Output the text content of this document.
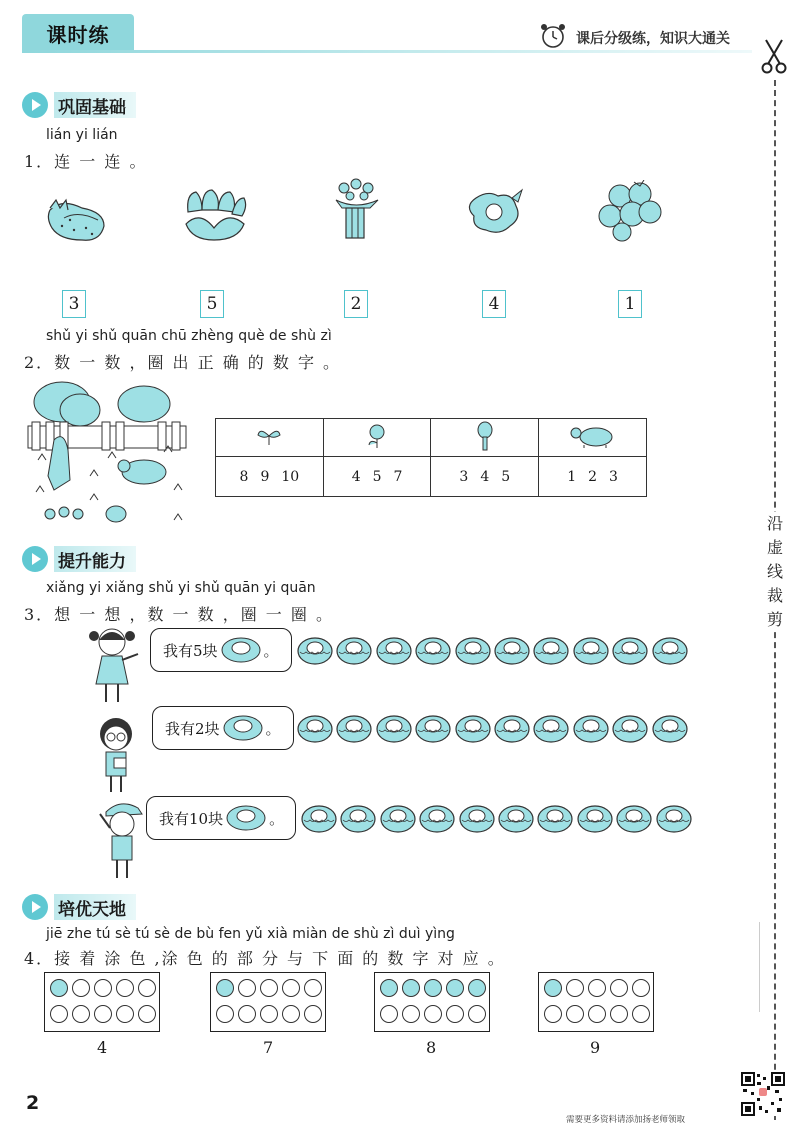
课时练	课后分级练，知识大通关
沿虚线裁剪
巩固基础
lián yi lián
1．连 一 连 。
3	5	2	4	1
shǔ yi shǔ quān chū zhèng què de shù zì
2．数 一 数 ，圈 出 正 确 的 数 字 。

8 9 10	4 5 7	3 4 5	1 2 3
提升能力
xiǎng yi xiǎng shǔ yi shǔ quān yi quān
3．想 一 想 ，数 一 数 ，圈 一 圈 。
我有5块	。
我有2块	。
我有10块	。
培优天地
jiē zhe tú sè tú sè de bù fen yǔ xià miàn de shù zì duì yìng
4．接 着 涂 色 ,涂 色 的 部 分 与 下 面 的 数 字 对 应 。
4	7	8	9
2
需要更多资料请添加扬老师领取
